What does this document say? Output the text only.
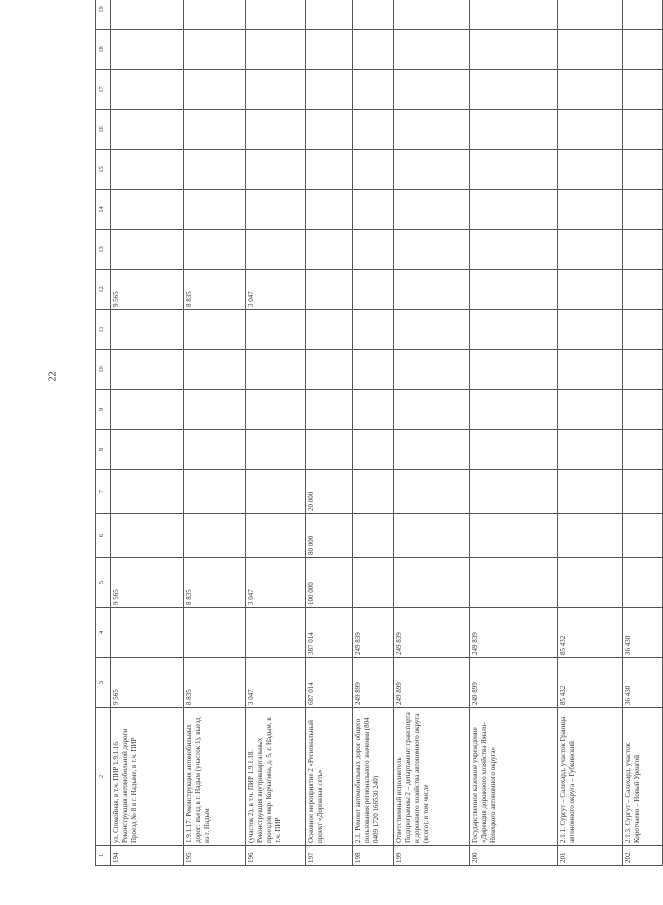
22
1	2	3	4	5	6	7	8	9	10	11	12	13	14	15	16	17	18	19
194	ул. Спокойная, в т.ч. ПИР 1.9.1.16. Реконструкция автомобильной дороги Проезд № 8 в г. Надыме, в т.ч. ПИР	9 565		9 565							9 565							
195	1.9.1.17. Реконструкция автомобильных дорог: въезд в г. Надым (участок 1), выезд из г. Надым	8 835		8 835							8 835							
196	(участок 2), в т.ч. ПИР 1.9.1.18. Реконструкция внутриквартальных проездов мкр. Корчагина, д. 5, г. Надым, в т.ч. ПИР	3 047		3 047							3 047							
197	Основное мероприятие 2 «Региональный проект «Дорожная сеть»	687 014	387 014	100 000	80 000	20 000												
198	2.1. Ремонт автомобильных дорог общего пользования регионального значения (804 0409 1720 166530 240)	249 899	249 839															
199	Ответственный исполнитель Подпрограммы 2 – департамент транспорта и дорожного хозяйства автономного округа (всего), в том числе	249 899	249 839															
200	Государственное казенное учреждение «Дирекция дорожного хозяйства Ямало-Ненецкого автономного округа»	249 899	249 839															
201	2.1.1. Сургут – Салехард, участок Граница автономного округа – Губкинский	85 432	85 432															
202	2.1.3. Сургут – Салехард, участок Коротчаево – Новый Уренгой	36 430	36 430															
